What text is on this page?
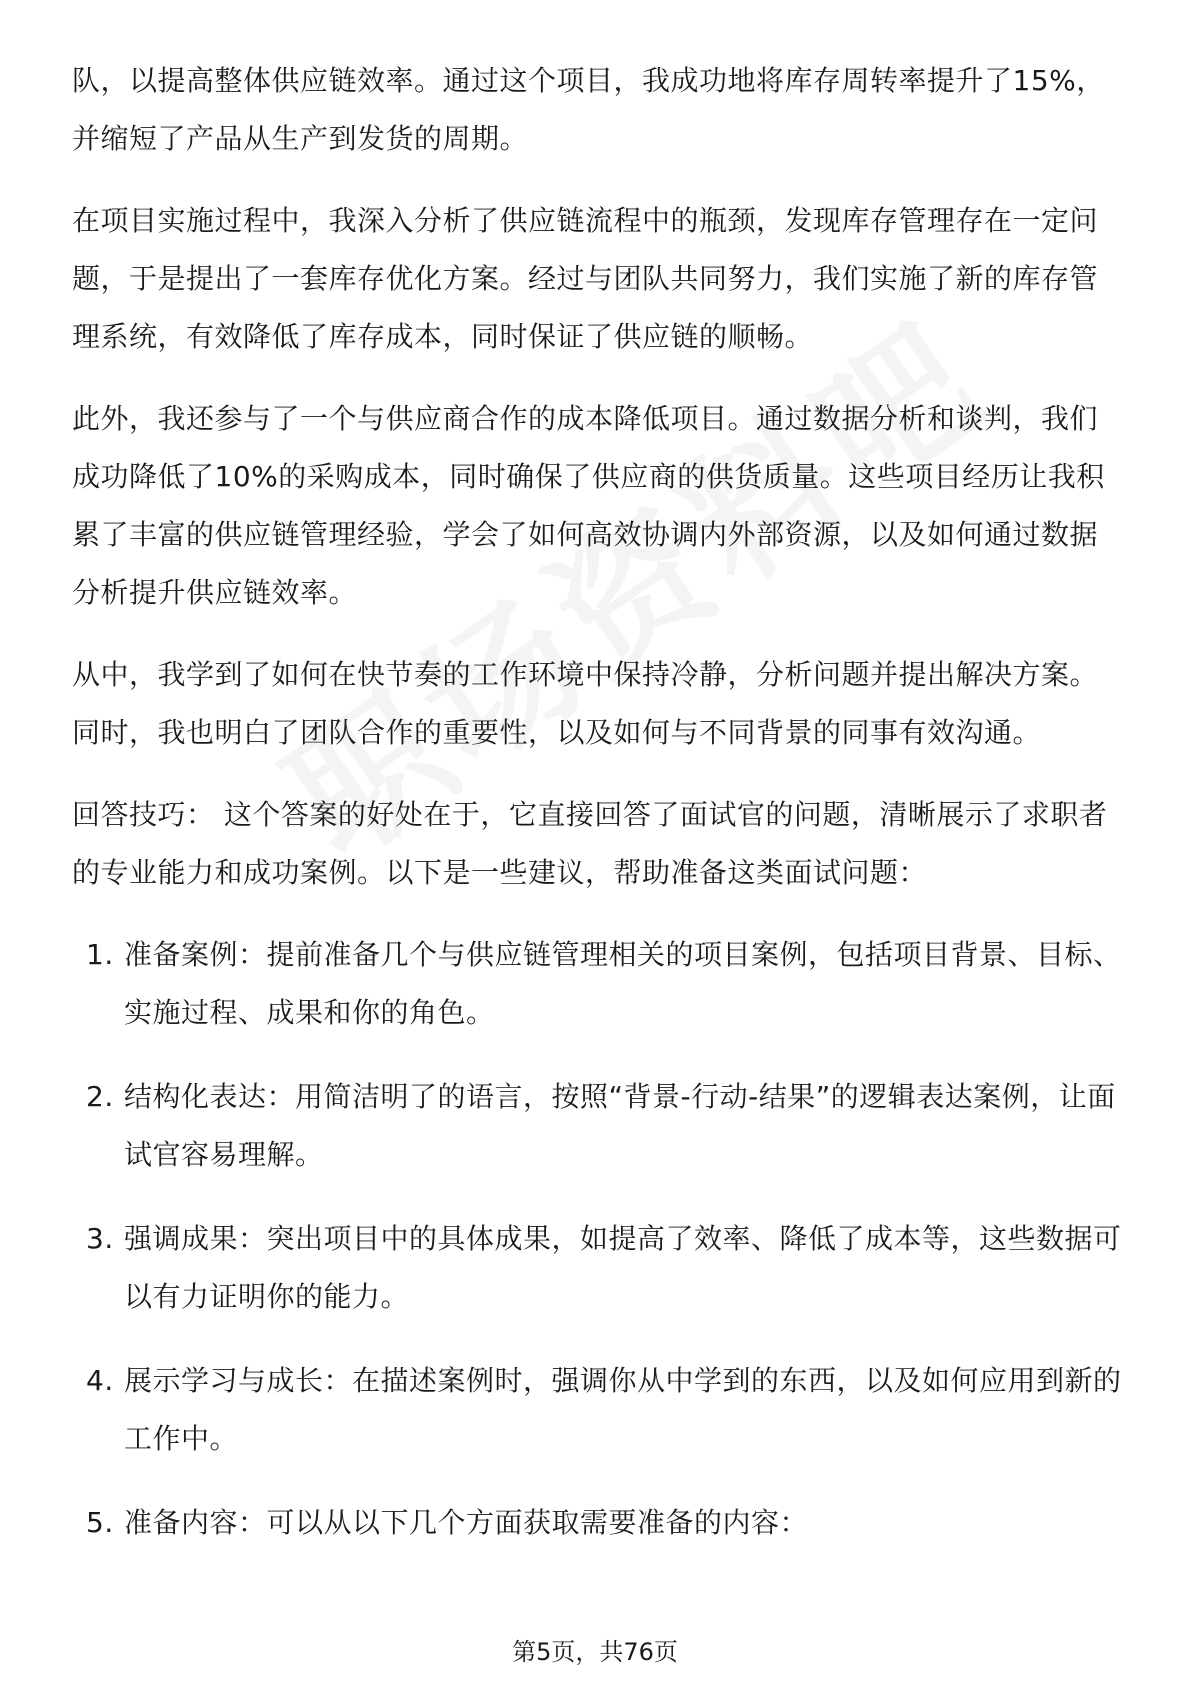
队，以提高整体供应链效率。通过这个项目，我成功地将库存周转率提升了15%，并缩短了产品从生产到发货的周期。

在项目实施过程中，我深入分析了供应链流程中的瓶颈，发现库存管理存在一定问题，于是提出了一套库存优化方案。经过与团队共同努力，我们实施了新的库存管理系统，有效降低了库存成本，同时保证了供应链的顺畅。

此外，我还参与了一个与供应商合作的成本降低项目。通过数据分析和谈判，我们成功降低了10%的采购成本，同时确保了供应商的供货质量。这些项目经历让我积累了丰富的供应链管理经验，学会了如何高效协调内外部资源，以及如何通过数据分析提升供应链效率。

从中，我学到了如何在快节奏的工作环境中保持冷静，分析问题并提出解决方案。同时，我也明白了团队合作的重要性，以及如何与不同背景的同事有效沟通。

回答技巧： 这个答案的好处在于，它直接回答了面试官的问题，清晰展示了求职者的专业能力和成功案例。以下是一些建议，帮助准备这类面试问题：

1. 准备案例：提前准备几个与供应链管理相关的项目案例，包括项目背景、目标、实施过程、成果和你的角色。
2. 结构化表达：用简洁明了的语言，按照“背景-行动-结果”的逻辑表达案例，让面试官容易理解。
3. 强调成果：突出项目中的具体成果，如提高了效率、降低了成本等，这些数据可以有力证明你的能力。
4. 展示学习与成长：在描述案例时，强调你从中学到的东西，以及如何应用到新的工作中。
5. 准备内容：可以从以下几个方面获取需要准备的内容：
第5页，共76页
